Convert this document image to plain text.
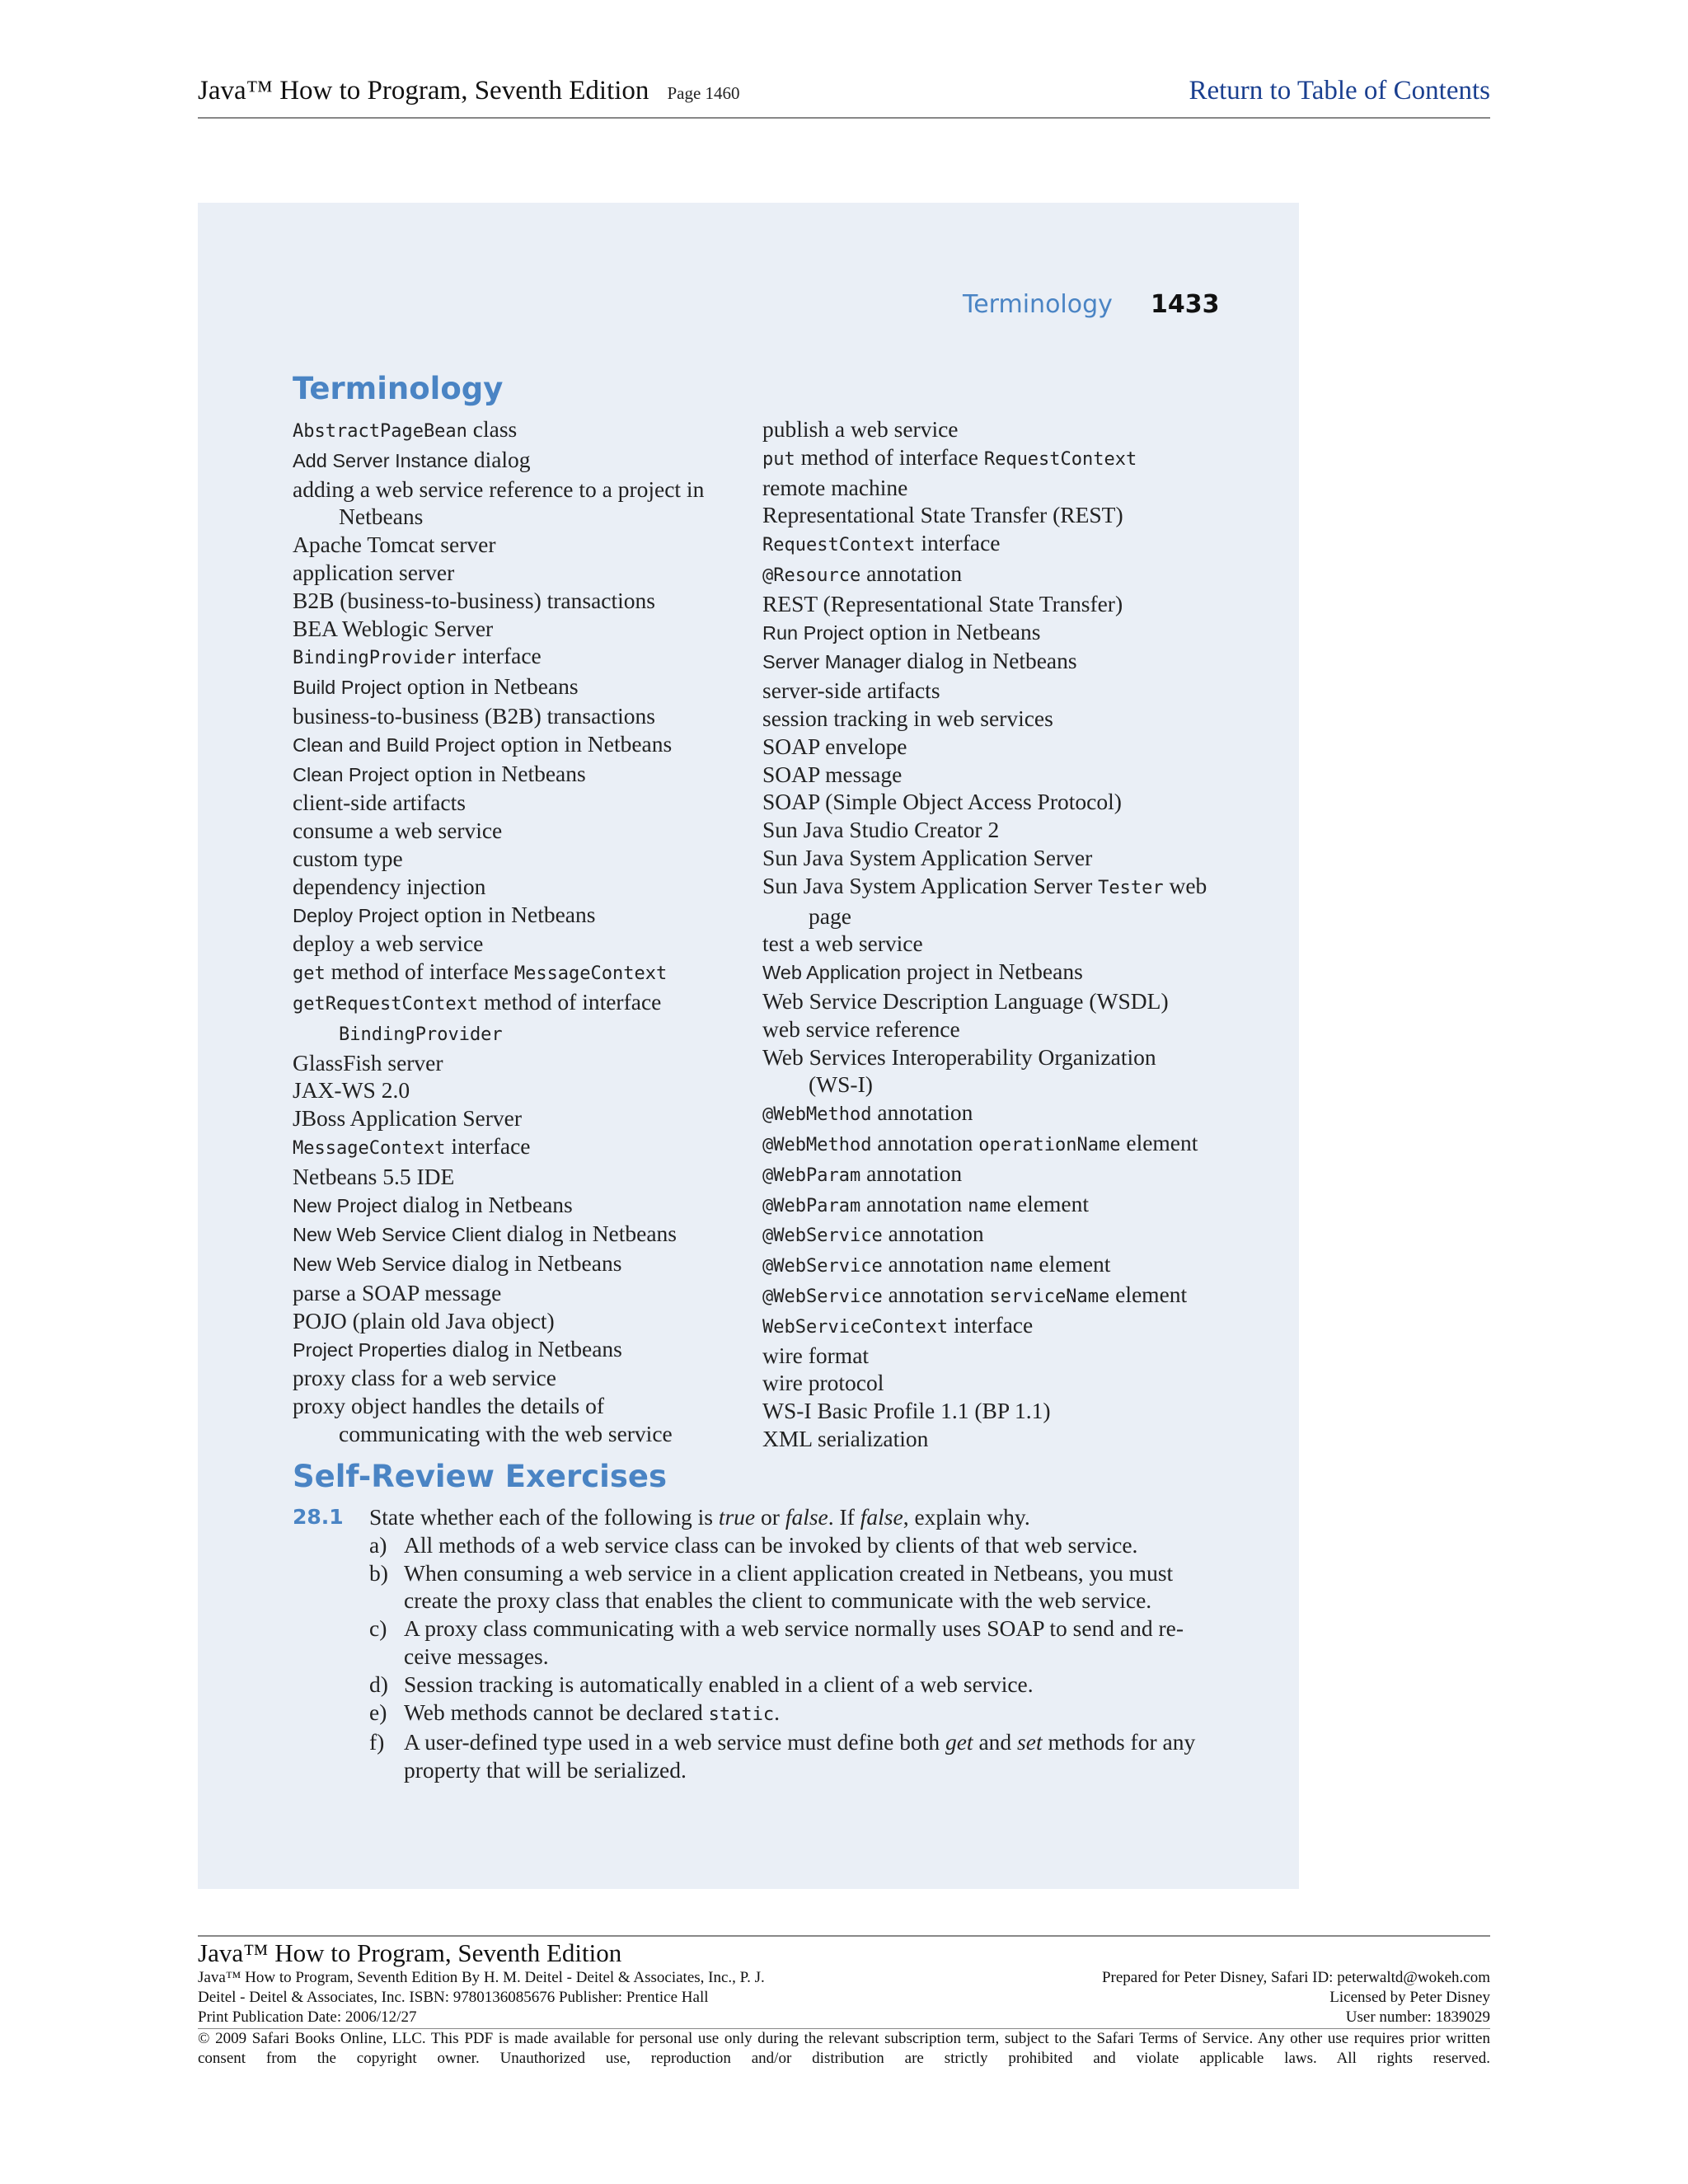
Java™ How to Program, Seventh Edition Page 1460	Return to Table of Contents
Terminology 1433
Terminology
AbstractPageBean class
Add Server Instance dialog
adding a web service reference to a project in
Netbeans
Apache Tomcat server
application server
B2B (business-to-business) transactions
BEA Weblogic Server
BindingProvider interface
Build Project option in Netbeans
business-to-business (B2B) transactions
Clean and Build Project option in Netbeans
Clean Project option in Netbeans
client-side artifacts
consume a web service
custom type
dependency injection
Deploy Project option in Netbeans
deploy a web service
get method of interface MessageContext
getRequestContext method of interface
BindingProvider
GlassFish server
JAX-WS 2.0
JBoss Application Server
MessageContext interface
Netbeans 5.5 IDE
New Project dialog in Netbeans
New Web Service Client dialog in Netbeans
New Web Service dialog in Netbeans
parse a SOAP message
POJO (plain old Java object)
Project Properties dialog in Netbeans
proxy class for a web service
proxy object handles the details of
communicating with the web service
publish a web service
put method of interface RequestContext
remote machine
Representational State Transfer (REST)
RequestContext interface
@Resource annotation
REST (Representational State Transfer)
Run Project option in Netbeans
Server Manager dialog in Netbeans
server-side artifacts
session tracking in web services
SOAP envelope
SOAP message
SOAP (Simple Object Access Protocol)
Sun Java Studio Creator 2
Sun Java System Application Server
Sun Java System Application Server Tester web
page
test a web service
Web Application project in Netbeans
Web Service Description Language (WSDL)
web service reference
Web Services Interoperability Organization
(WS-I)
@WebMethod annotation
@WebMethod annotation operationName element
@WebParam annotation
@WebParam annotation name element
@WebService annotation
@WebService annotation name element
@WebService annotation serviceName element
WebServiceContext interface
wire format
wire protocol
WS-I Basic Profile 1.1 (BP 1.1)
XML serialization
Self-Review Exercises
28.1 State whether each of the following is true or false. If false, explain why.
a) All methods of a web service class can be invoked by clients of that web service.
b) When consuming a web service in a client application created in Netbeans, you must create the proxy class that enables the client to communicate with the web service.
c) A proxy class communicating with a web service normally uses SOAP to send and re-ceive messages.
d) Session tracking is automatically enabled in a client of a web service.
e) Web methods cannot be declared static.
f) A user-defined type used in a web service must define both get and set methods for any property that will be serialized.
Java™ How to Program, Seventh Edition
Java™ How to Program, Seventh Edition By H. M. Deitel - Deitel & Associates, Inc., P. J.	Prepared for Peter Disney, Safari ID: peterwaltd@wokeh.com
Deitel - Deitel & Associates, Inc. ISBN: 9780136085676 Publisher: Prentice Hall	Licensed by Peter Disney
Print Publication Date: 2006/12/27	User number: 1839029
© 2009 Safari Books Online, LLC. This PDF is made available for personal use only during the relevant subscription term, subject to the Safari Terms of Service. Any other use requires prior written consent from the copyright owner. Unauthorized use, reproduction and/or distribution are strictly prohibited and violate applicable laws. All rights reserved.
